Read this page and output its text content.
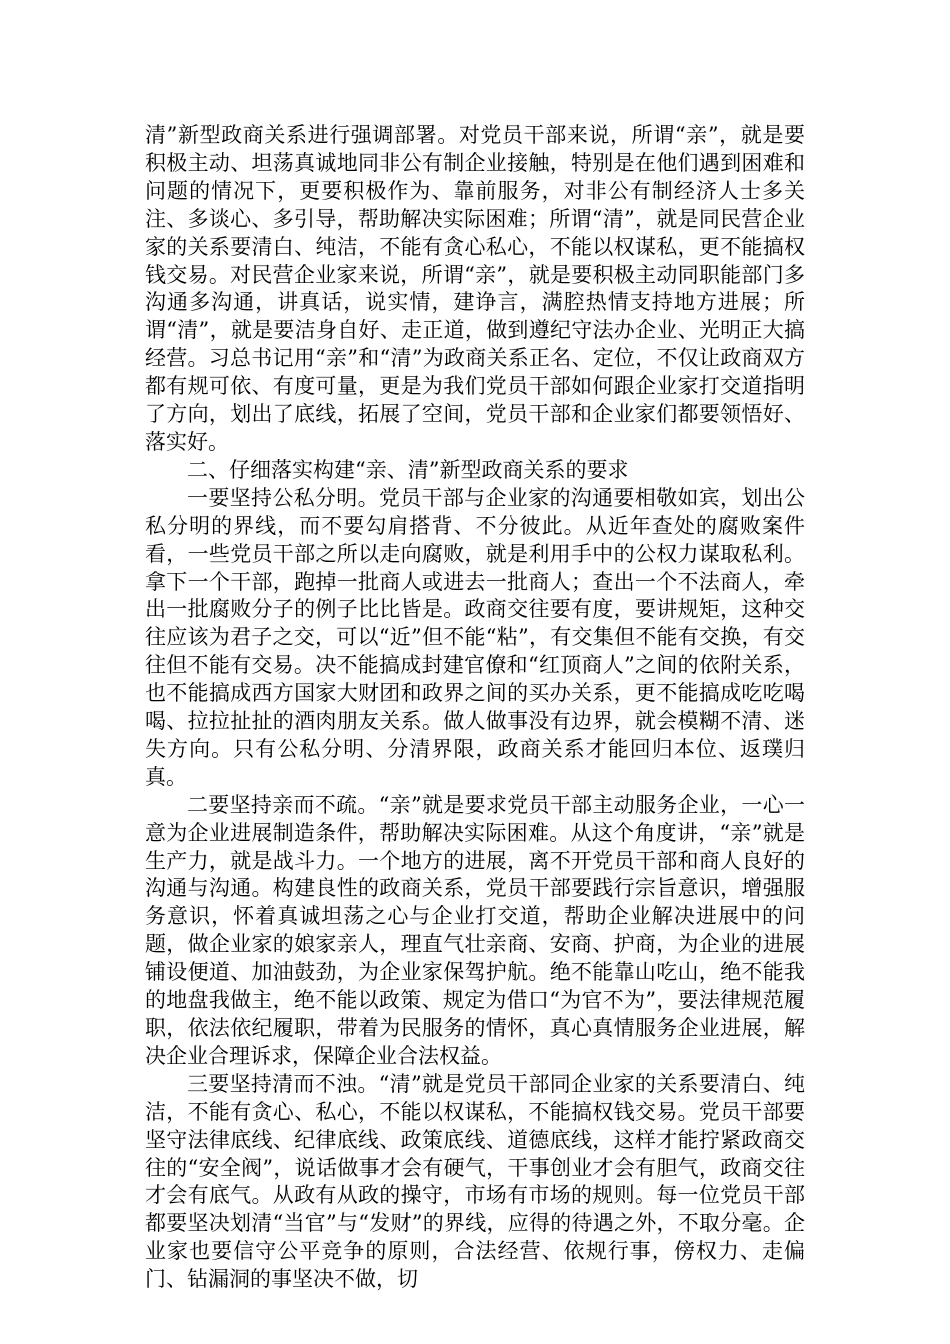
清”新型政商关系进行强调部署。对党员干部来说，所谓“亲”，就是要积极主动、坦荡真诚地同非公有制企业接触，特别是在他们遇到困难和问题的情况下，更要积极作为、靠前服务，对非公有制经济人士多关注、多谈心、多引导，帮助解决实际困难；所谓“清”，就是同民营企业家的关系要清白、纯洁，不能有贪心私心，不能以权谋私，更不能搞权钱交易。对民营企业家来说，所谓“亲”，就是要积极主动同职能部门多沟通多沟通，讲真话，说实情，建诤言，满腔热情支持地方进展；所谓“清”，就是要洁身自好、走正道，做到遵纪守法办企业、光明正大搞经营。习总书记用“亲”和“清”为政商关系正名、定位，不仅让政商双方都有规可依、有度可量，更是为我们党员干部如何跟企业家打交道指明了方向，划出了底线，拓展了空间，党员干部和企业家们都要领悟好、落实好。

二、仔细落实构建“亲、清”新型政商关系的要求

一要坚持公私分明。党员干部与企业家的沟通要相敬如宾，划出公私分明的界线，而不要勾肩搭背、不分彼此。从近年查处的腐败案件看，一些党员干部之所以走向腐败，就是利用手中的公权力谋取私利。拿下一个干部，跑掉一批商人或进去一批商人；查出一个不法商人，牵出一批腐败分子的例子比比皆是。政商交往要有度，要讲规矩，这种交往应该为君子之交，可以“近”但不能“粘”，有交集但不能有交换，有交往但不能有交易。决不能搞成封建官僚和“红顶商人”之间的依附关系，也不能搞成西方国家大财团和政界之间的买办关系，更不能搞成吃吃喝喝、拉拉扯扯的酒肉朋友关系。做人做事没有边界，就会模糊不清、迷失方向。只有公私分明、分清界限，政商关系才能回归本位、返璞归真。

二要坚持亲而不疏。“亲”就是要求党员干部主动服务企业，一心一意为企业进展制造条件，帮助解决实际困难。从这个角度讲，“亲”就是生产力，就是战斗力。一个地方的进展，离不开党员干部和商人良好的沟通与沟通。构建良性的政商关系，党员干部要践行宗旨意识，增强服务意识，怀着真诚坦荡之心与企业打交道，帮助企业解决进展中的问题，做企业家的娘家亲人，理直气壮亲商、安商、护商，为企业的进展铺设便道、加油鼓劲，为企业家保驾护航。绝不能靠山吃山，绝不能我的地盘我做主，绝不能以政策、规定为借口“为官不为”，要法律规范履职，依法依纪履职，带着为民服务的情怀，真心真情服务企业进展，解决企业合理诉求，保障企业合法权益。

三要坚持清而不浊。“清”就是党员干部同企业家的关系要清白、纯洁，不能有贪心、私心，不能以权谋私，不能搞权钱交易。党员干部要坚守法律底线、纪律底线、政策底线、道德底线，这样才能拧紧政商交往的“安全阀”，说话做事才会有硬气，干事创业才会有胆气，政商交往才会有底气。从政有从政的操守，市场有市场的规则。每一位党员干部都要坚决划清“当官”与“发财”的界线，应得的待遇之外，不取分毫。企业家也要信守公平竞争的原则，合法经营、依规行事，傍权力、走偏门、钻漏洞的事坚决不做，切
